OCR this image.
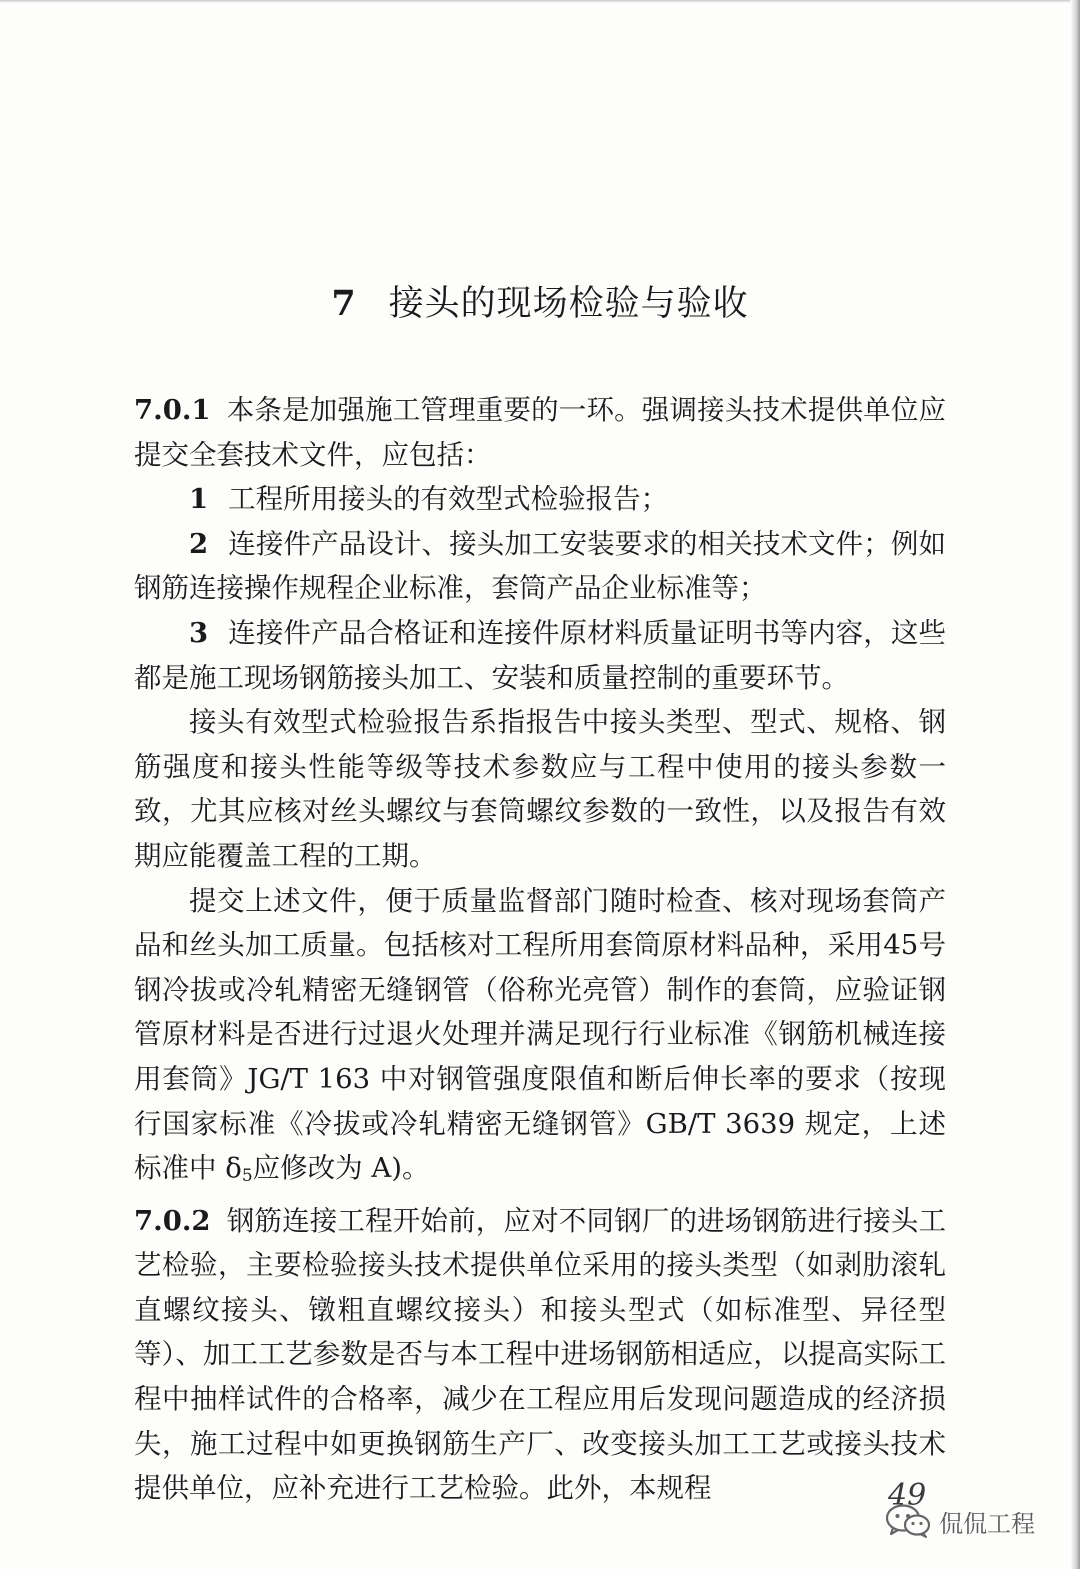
7 接头的现场检验与验收

7.0.1 本条是加强施工管理重要的一环。强调接头技术提供单位应提交全套技术文件，应包括：

1 工程所用接头的有效型式检验报告；

2 连接件产品设计、接头加工安装要求的相关技术文件；例如钢筋连接操作规程企业标准，套筒产品企业标准等；

3 连接件产品合格证和连接件原材料质量证明书等内容，这些都是施工现场钢筋接头加工、安装和质量控制的重要环节。

接头有效型式检验报告系指报告中接头类型、型式、规格、钢筋强度和接头性能等级等技术参数应与工程中使用的接头参数一致，尤其应核对丝头螺纹与套筒螺纹参数的一致性，以及报告有效期应能覆盖工程的工期。

提交上述文件，便于质量监督部门随时检查、核对现场套筒产品和丝头加工质量。包括核对工程所用套筒原材料品种，采用45号钢冷拔或冷轧精密无缝钢管（俗称光亮管）制作的套筒，应验证钢管原材料是否进行过退火处理并满足现行行业标准《钢筋机械连接用套筒》JG/T 163 中对钢管强度限值和断后伸长率的要求（按现行国家标准《冷拔或冷轧精密无缝钢管》GB/T 3639 规定，上述标准中 $\delta_5$应修改为 A)。

7.0.2 钢筋连接工程开始前，应对不同钢厂的进场钢筋进行接头工艺检验，主要检验接头技术提供单位采用的接头类型（如剥肋滚轧直螺纹接头、镦粗直螺纹接头）和接头型式（如标准型、异径型等）、加工工艺参数是否与本工程中进场钢筋相适应，以提高实际工程中抽样试件的合格率，减少在工程应用后发现问题造成的经济损失，施工过程中如更换钢筋生产厂、改变接头加工工艺或接头技术提供单位，应补充进行工艺检验。此外，本规程	49
侃侃工程
